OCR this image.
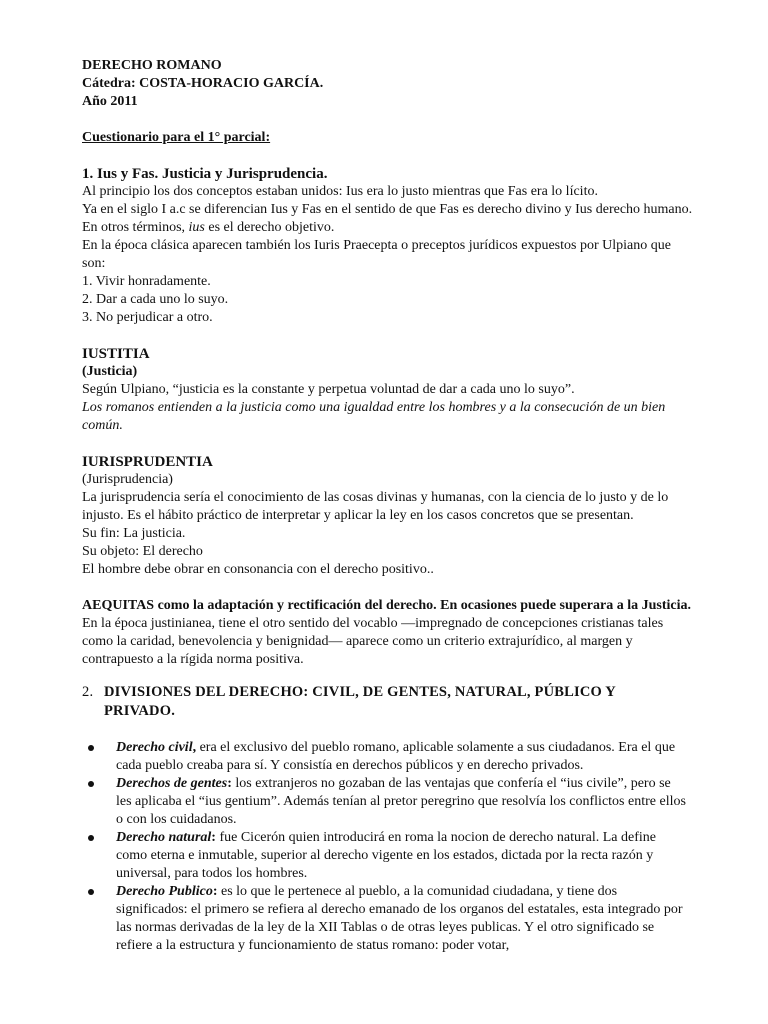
DERECHO ROMANO

Cátedra: COSTA-HORACIO GARCÍA.

Año 2011

Cuestionario para el 1° parcial:

1. Ius y Fas. Justicia y Jurisprudencia.

Al principio los dos conceptos estaban unidos: Ius era lo justo mientras que Fas era lo lícito.

Ya en el siglo I a.c se diferencian Ius y Fas en el sentido de que Fas es derecho divino y Ius derecho humano. En otros términos, ius es el derecho objetivo.

En la época clásica aparecen también los Iuris Praecepta o preceptos jurídicos expuestos por Ulpiano que son:

1. Vivir honradamente.

2. Dar a cada uno lo suyo.

3. No perjudicar a otro.

IUSTITIA

(Justicia)

Según Ulpiano, “justicia es la constante y perpetua voluntad de dar a cada uno lo suyo”.

Los romanos entienden a la justicia como una igualdad entre los hombres y a la consecución de un bien común.

IURISPRUDENTIA

(Jurisprudencia)

La jurisprudencia sería el conocimiento de las cosas divinas y humanas, con la ciencia de lo justo y de lo injusto. Es el hábito práctico de interpretar y aplicar la ley en los casos concretos que se presentan.

Su fin: La justicia.

Su objeto: El derecho

El hombre debe obrar en consonancia con el derecho positivo..

AEQUITAS como la adaptación y rectificación del derecho. En ocasiones puede superara a la Justicia.

En la época justinianea, tiene el otro sentido del vocablo —impregnado de concepciones cristianas tales como la caridad, benevolencia y benignidad— aparece como un criterio extrajurídico, al margen y contrapuesto a la rígida norma positiva.

2. DIVISIONES DEL DERECHO: CIVIL, DE GENTES, NATURAL, PÚBLICO Y PRIVADO.
Derecho civil, era el exclusivo del pueblo romano, aplicable solamente a sus ciudadanos. Era el que cada pueblo creaba para sí. Y consistía en derechos públicos y en derecho privados.
Derechos de gentes: los extranjeros no gozaban de las ventajas que confería el “ius civile”, pero se les aplicaba el “ius gentium”. Además tenían al pretor peregrino que resolvía los conflictos entre ellos o con los cuidadanos.
Derecho natural: fue Cicerón quien introducirá en roma la nocion de derecho natural. La define como eterna e inmutable, superior al derecho vigente en los estados, dictada por la recta razón y universal, para todos los hombres.
Derecho Publico: es lo que le pertenece al pueblo, a la comunidad ciudadana, y tiene dos significados: el primero se refiera al derecho emanado de los organos del estatales, esta integrado por las normas derivadas de la ley de la XII Tablas o de otras leyes publicas. Y el otro significado se refiere a la estructura y funcionamiento de status romano: poder votar,
